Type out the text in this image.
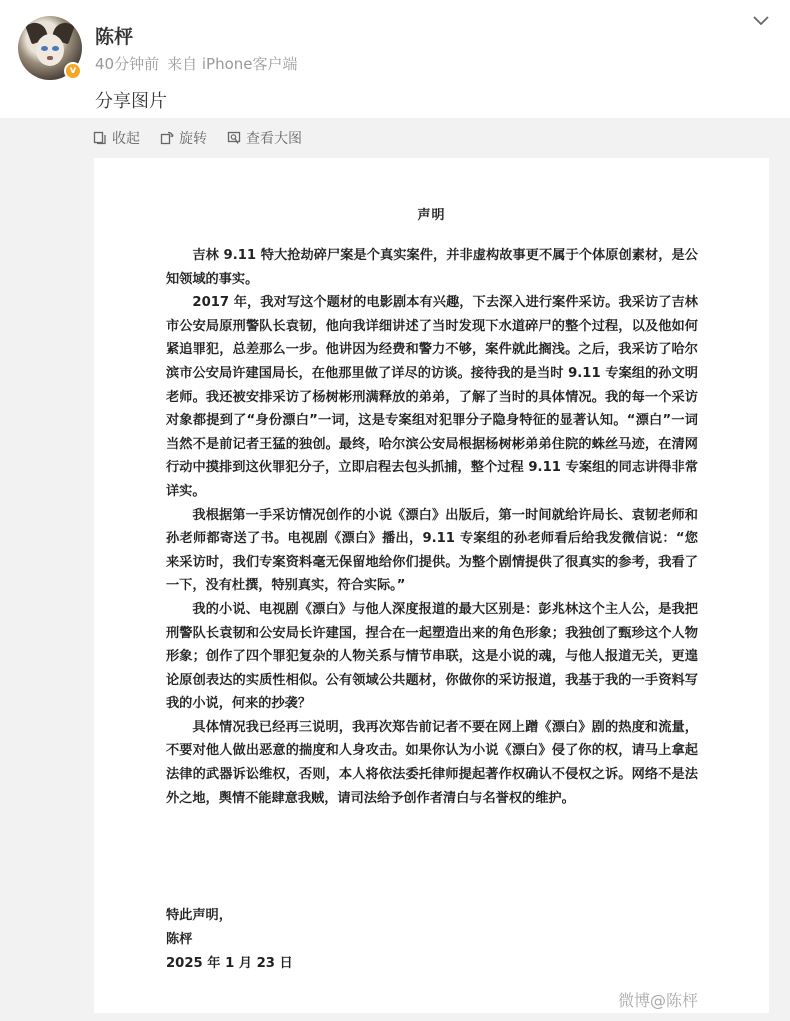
v
陈枰
40分钟前 来自 iPhone客户端
分享图片
收起	旋转	查看大图
声明

吉林 9.11 特大抢劫碎尸案是个真实案件，并非虚构故事更不属于个体原创素材，是公知领域的事实。

2017 年，我对写这个题材的电影剧本有兴趣，下去深入进行案件采访。我采访了吉林市公安局原刑警队长袁韧，他向我详细讲述了当时发现下水道碎尸的整个过程，以及他如何紧追罪犯，总差那么一步。他讲因为经费和警力不够，案件就此搁浅。之后，我采访了哈尔滨市公安局许建国局长，在他那里做了详尽的访谈。接待我的是当时 9.11 专案组的孙文明老师。我还被安排采访了杨树彬刑满释放的弟弟，了解了当时的具体情况。我的每一个采访对象都提到了“身份漂白”一词，这是专案组对犯罪分子隐身特征的显著认知。“漂白”一词当然不是前记者王猛的独创。最终，哈尔滨公安局根据杨树彬弟弟住院的蛛丝马迹，在清网行动中摸排到这伙罪犯分子，立即启程去包头抓捕，整个过程 9.11 专案组的同志讲得非常详实。

我根据第一手采访情况创作的小说《漂白》出版后，第一时间就给许局长、袁韧老师和孙老师都寄送了书。电视剧《漂白》播出，9.11 专案组的孙老师看后给我发微信说：“您来采访时，我们专案资料毫无保留地给你们提供。为整个剧情提供了很真实的参考，我看了一下，没有杜撰，特别真实，符合实际。”

我的小说、电视剧《漂白》与他人深度报道的最大区别是：彭兆林这个主人公，是我把刑警队长袁韧和公安局长许建国，捏合在一起塑造出来的角色形象；我独创了甄珍这个人物形象；创作了四个罪犯复杂的人物关系与情节串联，这是小说的魂，与他人报道无关，更遑论原创表达的实质性相似。公有领域公共题材，你做你的采访报道，我基于我的一手资料写我的小说，何来的抄袭？

具体情况我已经再三说明，我再次郑告前记者不要在网上蹭《漂白》剧的热度和流量，不要对他人做出恶意的揣度和人身攻击。如果你认为小说《漂白》侵了你的权，请马上拿起法律的武器诉讼维权，否则，本人将依法委托律师提起著作权确认不侵权之诉。网络不是法外之地，舆情不能肆意我贼，请司法给予创作者清白与名誉权的维护。

特此声明，
陈枰
2025 年 1 月 23 日
微博@陈枰
